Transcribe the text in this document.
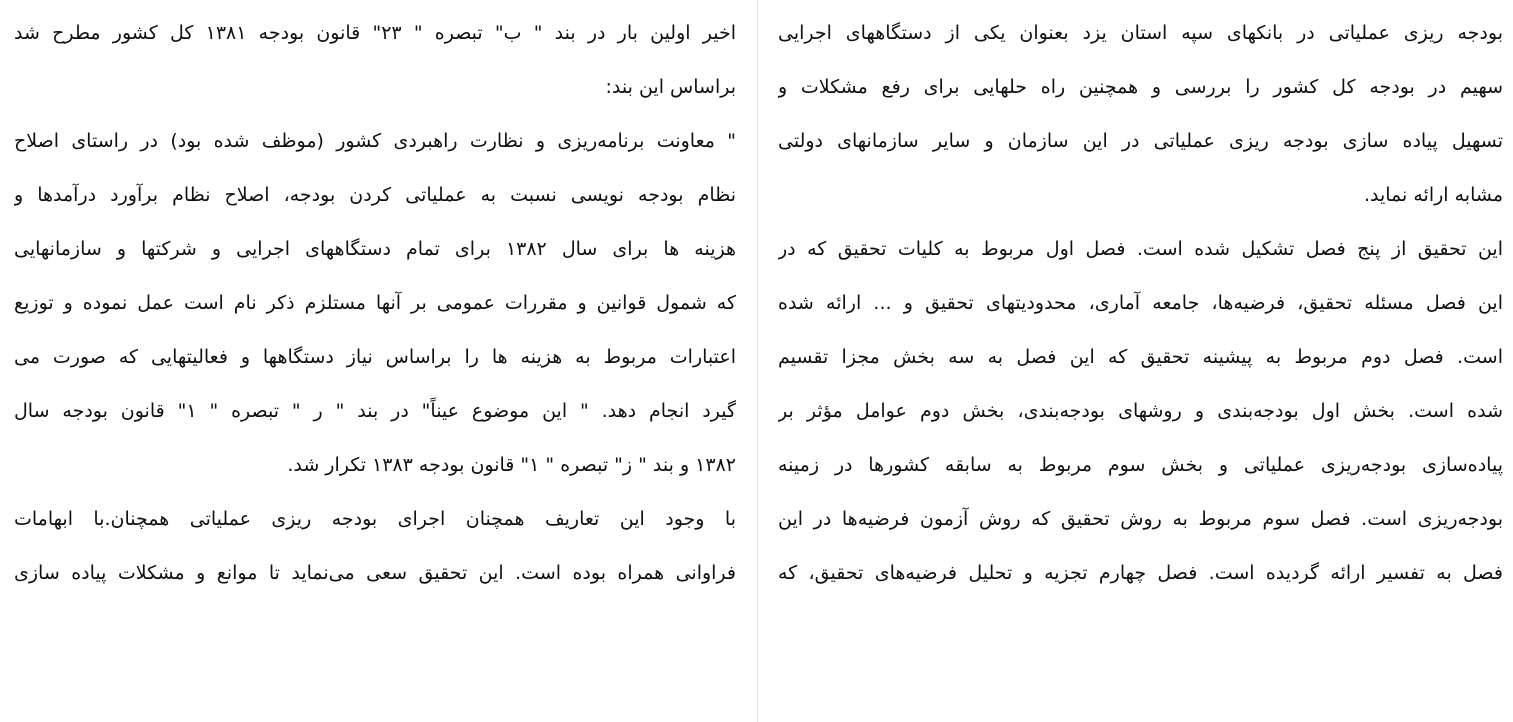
بودجه ریزی عملیاتی در بانکهای سپه استان یزد بعنوان یکی از دستگاههای اجرایی
سهیم در بودجه کل کشور را بررسی و همچنین راه حلهایی برای رفع مشکلات و
تسهیل پیاده سازی بودجه ریزی عملیاتی در این سازمان و سایر سازمانهای دولتی
مشابه ارائه نماید.
این تحقیق از پنج فصل تشکیل شده است. فصل اول مربوط به کلیات تحقیق که در
این فصل مسئله تحقیق، فرضیه‌ها، جامعه آماری، محدودیتهای تحقیق و ... ارائه شده
است. فصل دوم مربوط به پیشینه تحقیق که این فصل به سه بخش مجزا تقسیم
شده است. بخش اول بودجه‌بندی و روشهای بودجه‌بندی، بخش دوم عوامل مؤثر بر
پیاده‌سازی بودجه‌ریزی عملیاتی و بخش سوم مربوط به سابقه کشورها در زمینه
بودجه‌ریزی است. فصل سوم مربوط به روش تحقیق که روش آزمون فرضیه‌ها در این
فصل به تفسیر ارائه گردیده است. فصل چهارم تجزیه و تحلیل فرضیه‌های تحقیق، که
اخیر اولین بار در بند " ب" تبصره " ۲۳" قانون بودجه ۱۳۸۱ کل کشور مطرح شد
براساس این بند:
" معاونت برنامه‌ریزی و نظارت راهبردی کشور (موظف شده بود) در راستای اصلاح
نظام بودجه نویسی نسبت به عملیاتی کردن بودجه، اصلاح نظام برآورد درآمدها و
هزینه ها برای سال ۱۳۸۲ برای تمام دستگاههای اجرایی و شرکتها و سازمانهایی
که شمول قوانین و مقررات عمومی بر آنها مستلزم ذکر نام است عمل نموده و توزیع
اعتبارات مربوط به هزینه ها را براساس نیاز دستگاهها و فعالیتهایی که صورت می
گیرد انجام دهد. " این موضوع عیناً" در بند " ر " تبصره " ۱" قانون بودجه سال
۱۳۸۲ و بند " ز" تبصره " ۱" قانون بودجه ۱۳۸۳ تکرار شد.
با وجود این تعاریف همچنان اجرای بودجه ریزی عملیاتی همچنان.با ابهامات
فراوانی همراه بوده است. این تحقیق سعی می‌نماید تا موانع و مشکلات پیاده سازی
